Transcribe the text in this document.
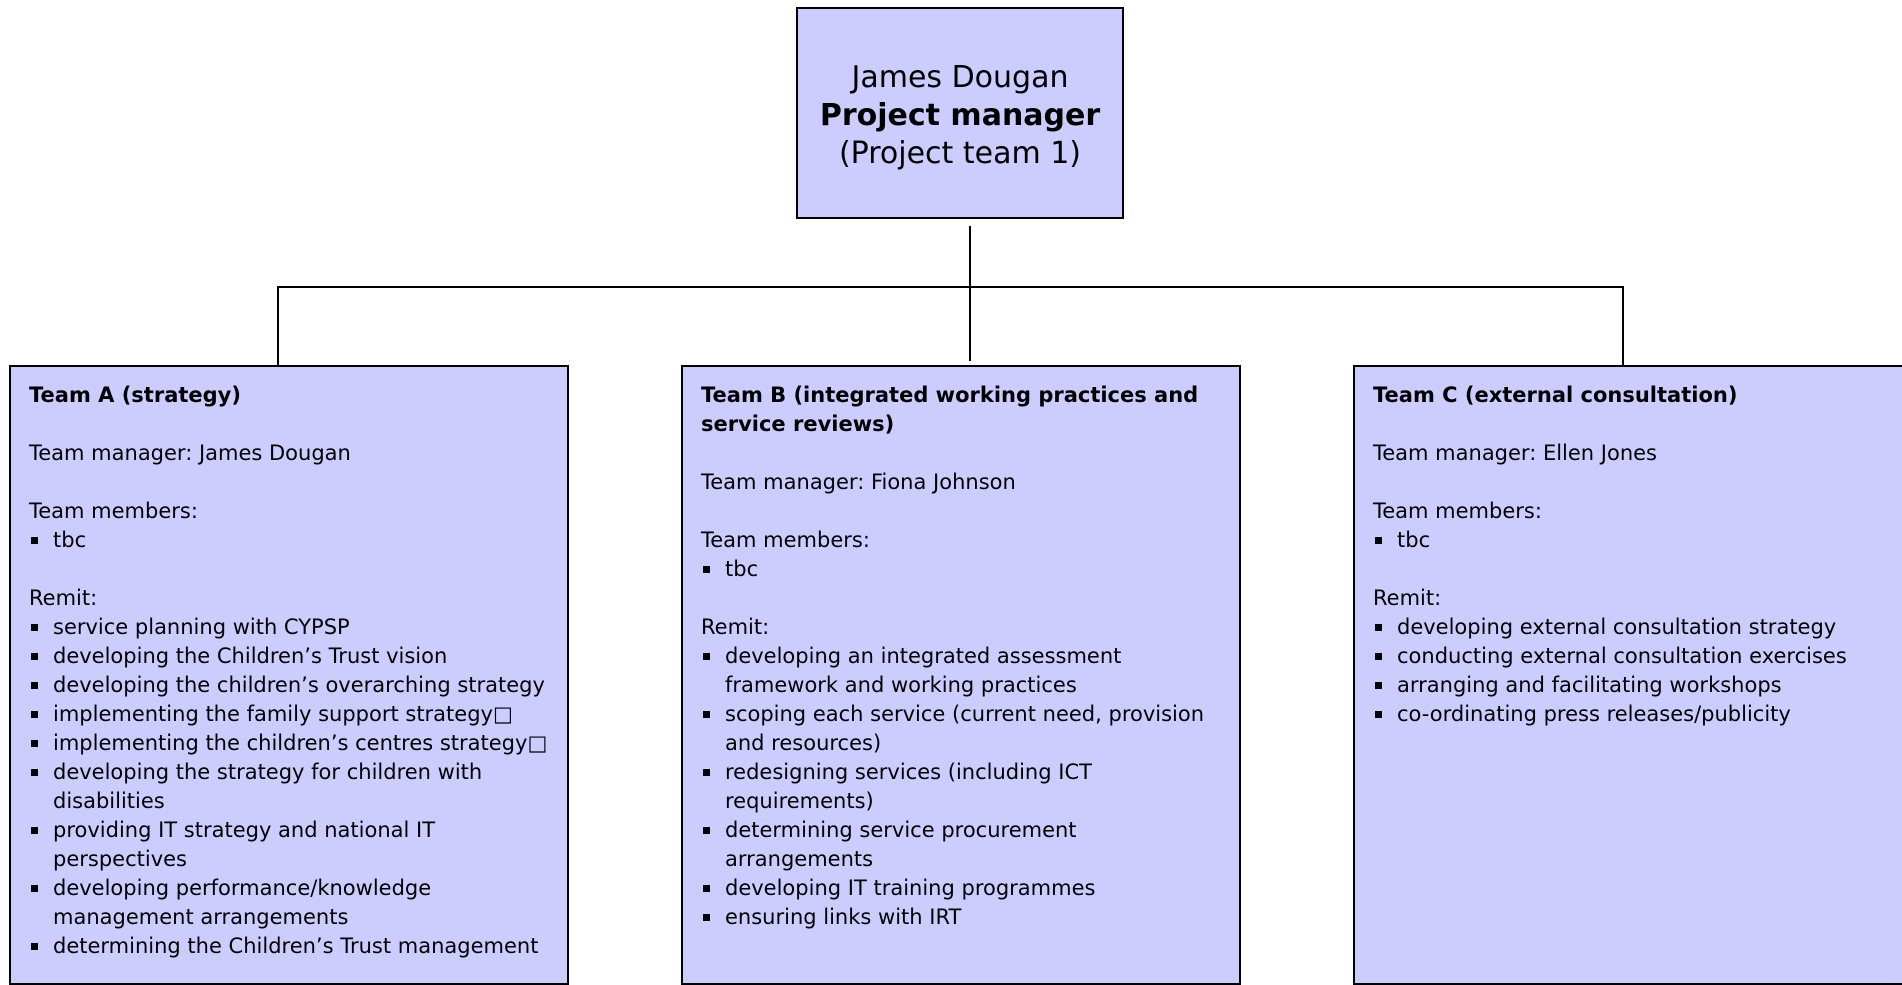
James Dougan
Project manager
(Project team 1)
Team A (strategy)
Team manager: James Dougan
Team members:
tbc
Remit:
service planning with CYPSP
developing the Children’s Trust vision
developing the children’s overarching strategy
implementing the family support strategy□
implementing the children’s centres strategy□
developing the strategy for children with disabilities
providing IT strategy and national IT perspectives
developing performance/knowledge management arrangements
determining the Children’s Trust management
Team B (integrated working practices and service reviews)
Team manager: Fiona Johnson
Team members:
tbc
Remit:
developing an integrated assessment framework and working practices
scoping each service (current need, provision and resources)
redesigning services (including ICT requirements)
determining service procurement arrangements
developing IT training programmes
ensuring links with IRT
Team C (external consultation)
Team manager: Ellen Jones
Team members:
tbc
Remit:
developing external consultation strategy
conducting external consultation exercises
arranging and facilitating workshops
co-ordinating press releases/publicity
